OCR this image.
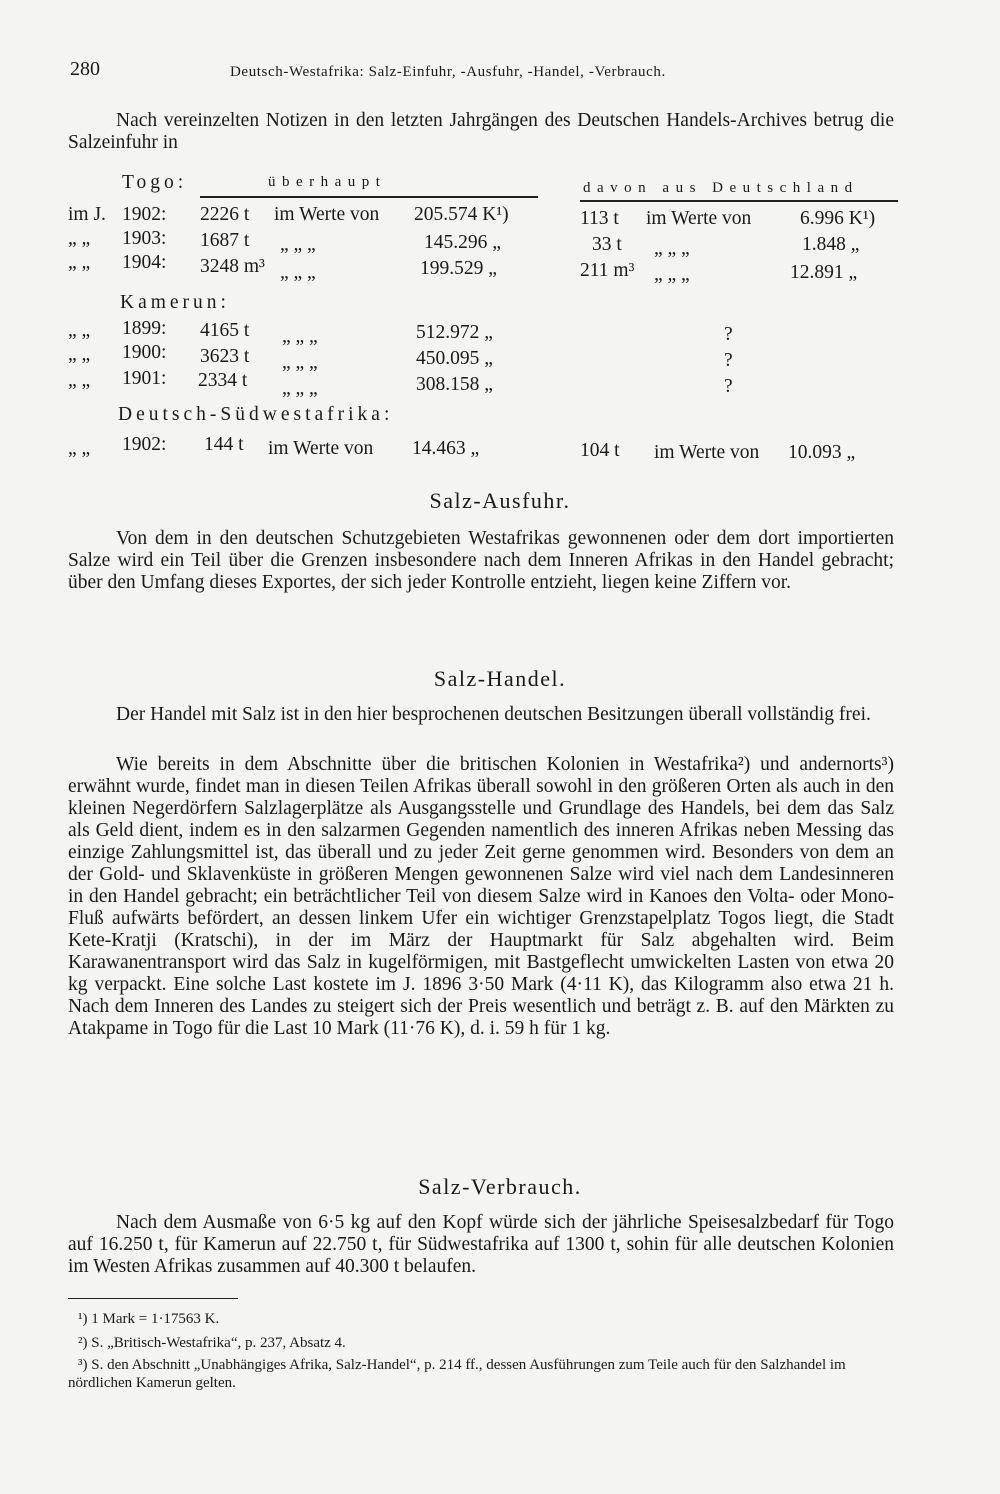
280	Deutsch-Westafrika: Salz-Einfuhr, -Ausfuhr, -Handel, -Verbrauch.
Nach vereinzelten Notizen in den letzten Jahrgängen des Deutschen Handels-Archives betrug die Salzeinfuhr in
Togo:	überhaupt	davon aus Deutschland
im J. 1902: 2226 t im Werte von 205.574 K¹)	113 t im Werte von 6.996 K¹)
„ „ 1903: 1687 t „ „ „	145.296 „	33 t „ „ „	1.848 „
„ „ 1904: 3248 m³ „ „ „	199.529 „	211 m³ „ „ „	12.891 „
Kamerun:
„ „ 1899: 4165 t „ „ „	512.972 „	?
„ „ 1900: 3623 t „ „ „	450.095 „	?
„ „ 1901: 2334 t „ „ „	308.158 „	?
Deutsch-Südwestafrika:
„ „ 1902: 144 t im Werte von 14.463 „	104 t im Werte von 10.093 „
Salz-Ausfuhr.
Von dem in den deutschen Schutzgebieten Westafrikas gewonnenen oder dem dort importierten Salze wird ein Teil über die Grenzen insbesondere nach dem Inneren Afrikas in den Handel gebracht; über den Umfang dieses Exportes, der sich jeder Kontrolle entzieht, liegen keine Ziffern vor.
Salz-Handel.
Der Handel mit Salz ist in den hier besprochenen deutschen Besitzungen überall vollständig frei.
Wie bereits in dem Abschnitte über die britischen Kolonien in Westafrika²) und andernorts³) erwähnt wurde, findet man in diesen Teilen Afrikas überall sowohl in den größeren Orten als auch in den kleinen Negerdörfern Salzlagerplätze als Ausgangsstelle und Grundlage des Handels, bei dem das Salz als Geld dient, indem es in den salzarmen Gegenden namentlich des inneren Afrikas neben Messing das einzige Zahlungsmittel ist, das überall und zu jeder Zeit gerne genommen wird. Besonders von dem an der Gold- und Sklavenküste in größeren Mengen gewonnenen Salze wird viel nach dem Landesinneren in den Handel gebracht; ein beträchtlicher Teil von diesem Salze wird in Kanoes den Volta- oder Mono-Fluß aufwärts befördert, an dessen linkem Ufer ein wichtiger Grenzstapelplatz Togos liegt, die Stadt Kete-Kratji (Kratschi), in der im März der Hauptmarkt für Salz abgehalten wird. Beim Karawanentransport wird das Salz in kugelförmigen, mit Bastgeflecht umwickelten Lasten von etwa 20 kg verpackt. Eine solche Last kostete im J. 1896 3·50 Mark (4·11 K), das Kilogramm also etwa 21 h. Nach dem Inneren des Landes zu steigert sich der Preis wesentlich und beträgt z. B. auf den Märkten zu Atakpame in Togo für die Last 10 Mark (11·76 K), d. i. 59 h für 1 kg.
Salz-Verbrauch.
Nach dem Ausmaße von 6·5 kg auf den Kopf würde sich der jährliche Speisesalzbedarf für Togo auf 16.250 t, für Kamerun auf 22.750 t, für Südwestafrika auf 1300 t, sohin für alle deutschen Kolonien im Westen Afrikas zusammen auf 40.300 t belaufen.
¹) 1 Mark = 1·17563 K.
²) S. „Britisch-Westafrika“, p. 237, Absatz 4.
³) S. den Abschnitt „Unabhängiges Afrika, Salz-Handel“, p. 214 ff., dessen Ausführungen zum Teile auch für den Salzhandel im nördlichen Kamerun gelten.
